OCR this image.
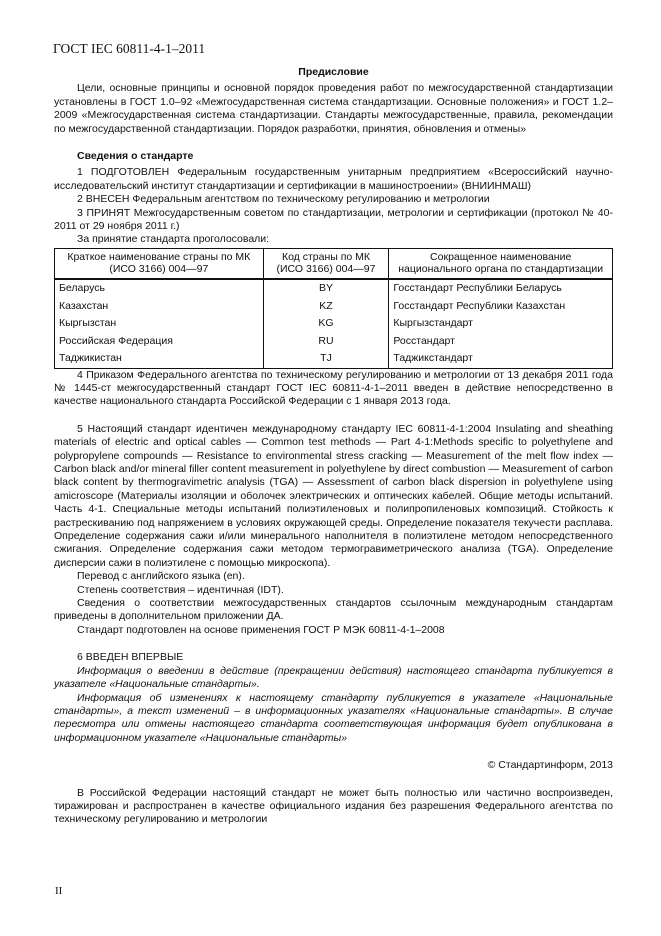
ГОСТ IEC 60811-4-1–2011

Предисловие

Цели, основные принципы и основной порядок проведения работ по межгосударственной стандартизации установлены в ГОСТ 1.0–92 «Межгосударственная система стандартизации. Основные положения» и ГОСТ 1.2–2009 «Межгосударственная система стандартизации. Стандарты межгосударственные, правила, рекомендации по межгосударственной стандартизации. Порядок разработки, принятия, обновления и отмены»

Сведения о стандарте

1 ПОДГОТОВЛЕН Федеральным государственным унитарным предприятием «Всероссийский научно-исследовательский институт стандартизации и сертификации в машиностроении» (ВНИИНМАШ)

2 ВНЕСЕН Федеральным агентством по техническому регулированию и метрологии

3 ПРИНЯТ Межгосударственным советом по стандартизации, метрологии и сертификации (протокол № 40-2011 от 29 ноября 2011 г.)

За принятие стандарта проголосовали:

Краткое наименование страны по МК (ИСО 3166) 004—97	Код страны по МК (ИСО 3166) 004—97	Сокращенное наименование национального органа по стандартизации
Беларусь	BY	Госстандарт Республики Беларусь
Казахстан	KZ	Госстандарт Республики Казахстан
Кыргызстан	KG	Кыргызстандарт
Российская Федерация	RU	Росстандарт
Таджикистан	TJ	Таджикстандарт

4 Приказом Федерального агентства по техническому регулированию и метрологии от 13 декабря 2011 года № 1445-ст межгосударственный стандарт ГОСТ IEC 60811-4-1–2011 введен в действие непосредственно в качестве национального стандарта Российской Федерации с 1 января 2013 года.

5 Настоящий стандарт идентичен международному стандарту IEC 60811-4-1:2004 Insulating and sheathing materials of electric and optical cables — Common test methods — Part 4-1:Methods specific to polyethylene and polypropylene compounds — Resistance to environmental stress cracking — Measurement of the melt flow index — Carbon black and/or mineral filler content measurement in polyethylene by direct combustion — Measurement of carbon black content by thermogravimetric analysis (TGA) — Assessment of carbon black dispersion in polyethylene using amicroscope (Материалы изоляции и оболочек электрических и оптических кабелей. Общие методы испытаний. Часть 4-1. Специальные методы испытаний полиэтиленовых и полипропиленовых композиций. Стойкость к растрескиванию под напряжением в условиях окружающей среды. Определение показателя текучести расплава. Определение содержания сажи и/или минерального наполнителя в полиэтилене методом непосредственного сжигания. Определение содержания сажи методом термогравиметрического анализа (TGA). Определение дисперсии сажи в полиэтилене с помощью микроскопа).

Перевод с английского языка (en).

Степень соответствия – идентичная (IDT).

Сведения о соответствии межгосударственных стандартов ссылочным международным стандартам приведены в дополнительном приложении ДА.

Стандарт подготовлен на основе применения ГОСТ Р МЭК 60811-4-1–2008

6 ВВЕДЕН ВПЕРВЫЕ

Информация о введении в действие (прекращении действия) настоящего стандарта публикуется в указателе «Национальные стандарты».

Информация об изменениях к настоящему стандарту публикуется в указателе «Национальные стандарты», а текст изменений – в информационных указателях «Национальные стандарты». В случае пересмотра или отмены настоящего стандарта соответствующая информация будет опубликована в информационном указателе «Национальные стандарты»

© Стандартинформ, 2013

В Российской Федерации настоящий стандарт не может быть полностью или частично воспроизведен, тиражирован и распространен в качестве официального издания без разрешения Федерального агентства по техническому регулированию и метрологии

II
